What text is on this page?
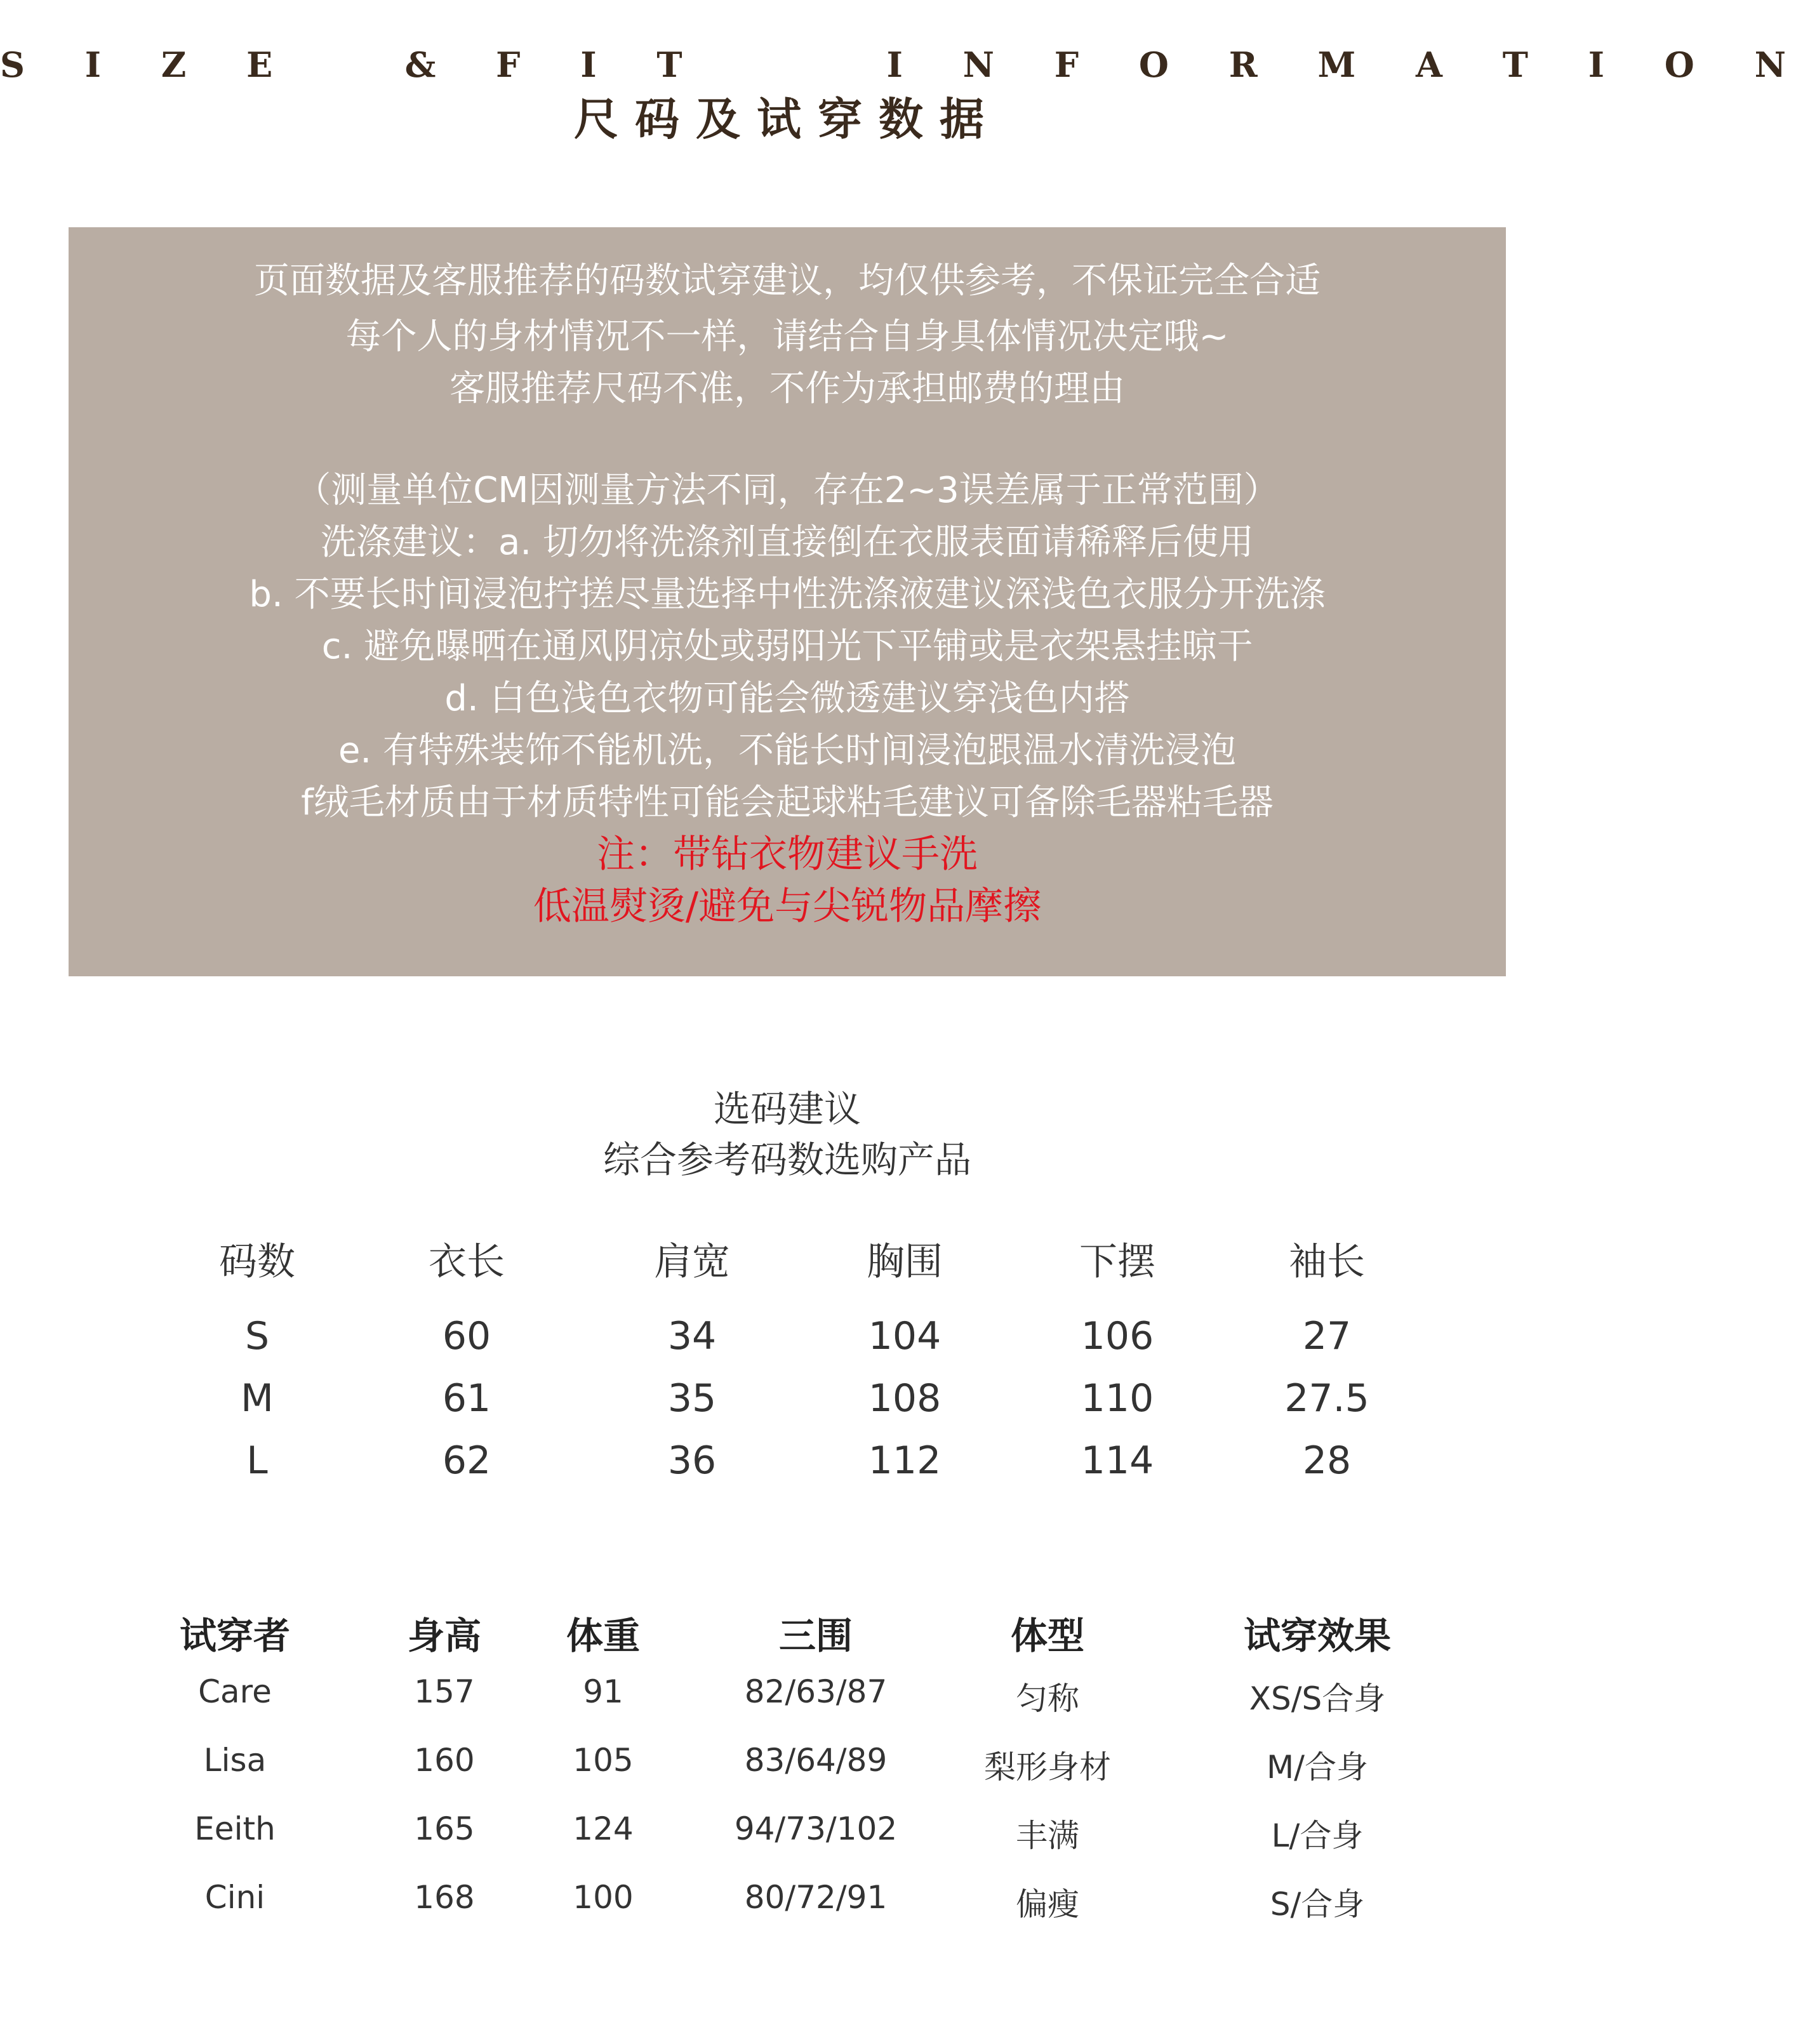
S I Z E   & F I T     I N F O R M A T I O N
尺码及试穿数据
页面数据及客服推荐的码数试穿建议，均仅供参考，不保证完全合适
每个人的身材情况不一样，请结合自身具体情况决定哦~
客服推荐尺码不准，不作为承担邮费的理由
（测量单位CM因测量方法不同，存在2~3误差属于正常范围）
洗涤建议：a. 切勿将洗涤剂直接倒在衣服表面请稀释后使用
b. 不要长时间浸泡拧搓尽量选择中性洗涤液建议深浅色衣服分开洗涤
c. 避免曝晒在通风阴凉处或弱阳光下平铺或是衣架悬挂晾干
d. 白色浅色衣物可能会微透建议穿浅色内搭
e. 有特殊装饰不能机洗，不能长时间浸泡跟温水清洗浸泡
f绒毛材质由于材质特性可能会起球粘毛建议可备除毛器粘毛器
注：带钻衣物建议手洗
低温熨烫/避免与尖锐物品摩擦
选码建议
综合参考码数选购产品
码数	衣长	肩宽	胸围	下摆	袖长
S	60	34	104	106	27
M	61	35	108	110	27.5
L	62	36	112	114	28
试穿者	身高	体重	三围	体型	试穿效果
Care	157	91	82/63/87	匀称	XS/S合身
Lisa	160	105	83/64/89	梨形身材	M/合身
Eeith	165	124	94/73/102	丰满	L/合身
Cini	168	100	80/72/91	偏瘦	S/合身
